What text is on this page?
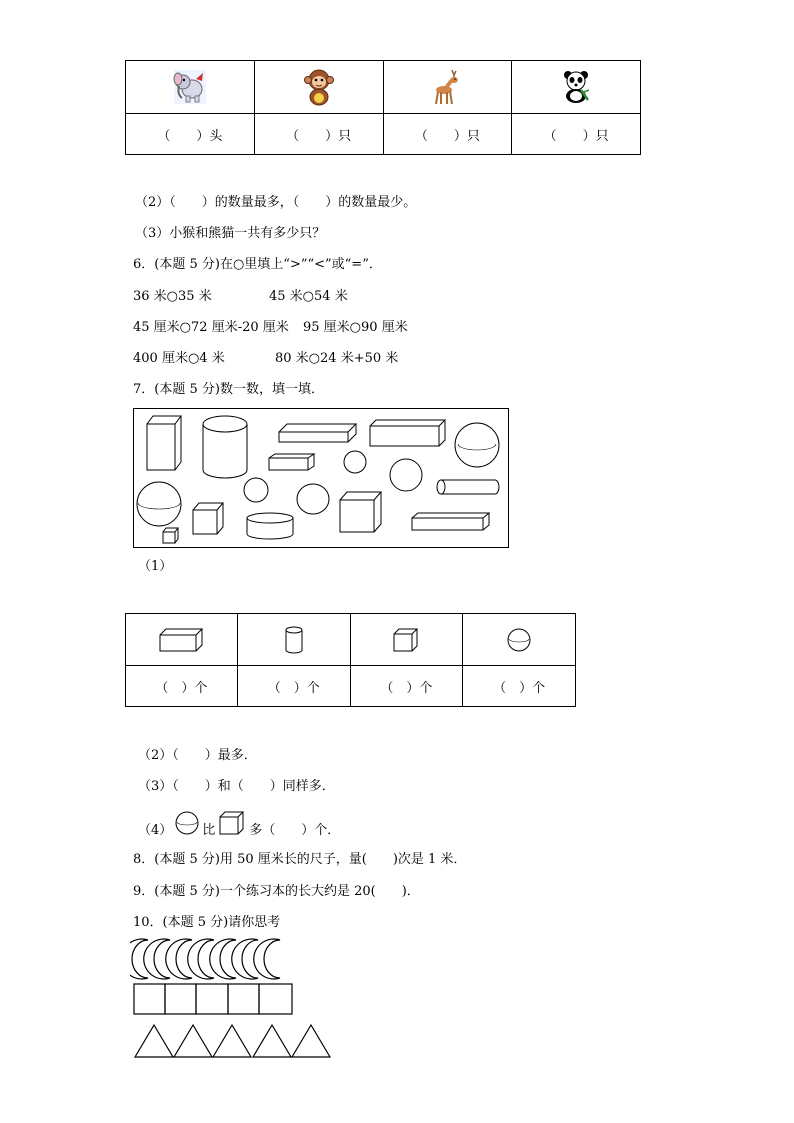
（　　）头	（　　）只	（　　）只	（　　）只
（2）（　　）的数量最多，（　　）的数量最少。
（3）小猴和熊猫一共有多少只？
6．(本题 5 分)在○里填上“>”“<”或“=”．
36 米○35 米	45 米○54 米
45 厘米○72 厘米-20 厘米 95 厘米○90 厘米
400 厘米○4 米	80 米○24 米+50 米
7．(本题 5 分)数一数，填一填．
（1）

（　）个	（　）个	（　）个	（　）个
（2）（　　）最多．
（3）（　　）和（　　）同样多．
（4） 比	多（　　）个．
8．(本题 5 分)用 50 厘米长的尺子，量(　　)次是 1 米．
9．(本题 5 分)一个练习本的长大约是 20(　　)．
10．(本题 5 分)请你思考
